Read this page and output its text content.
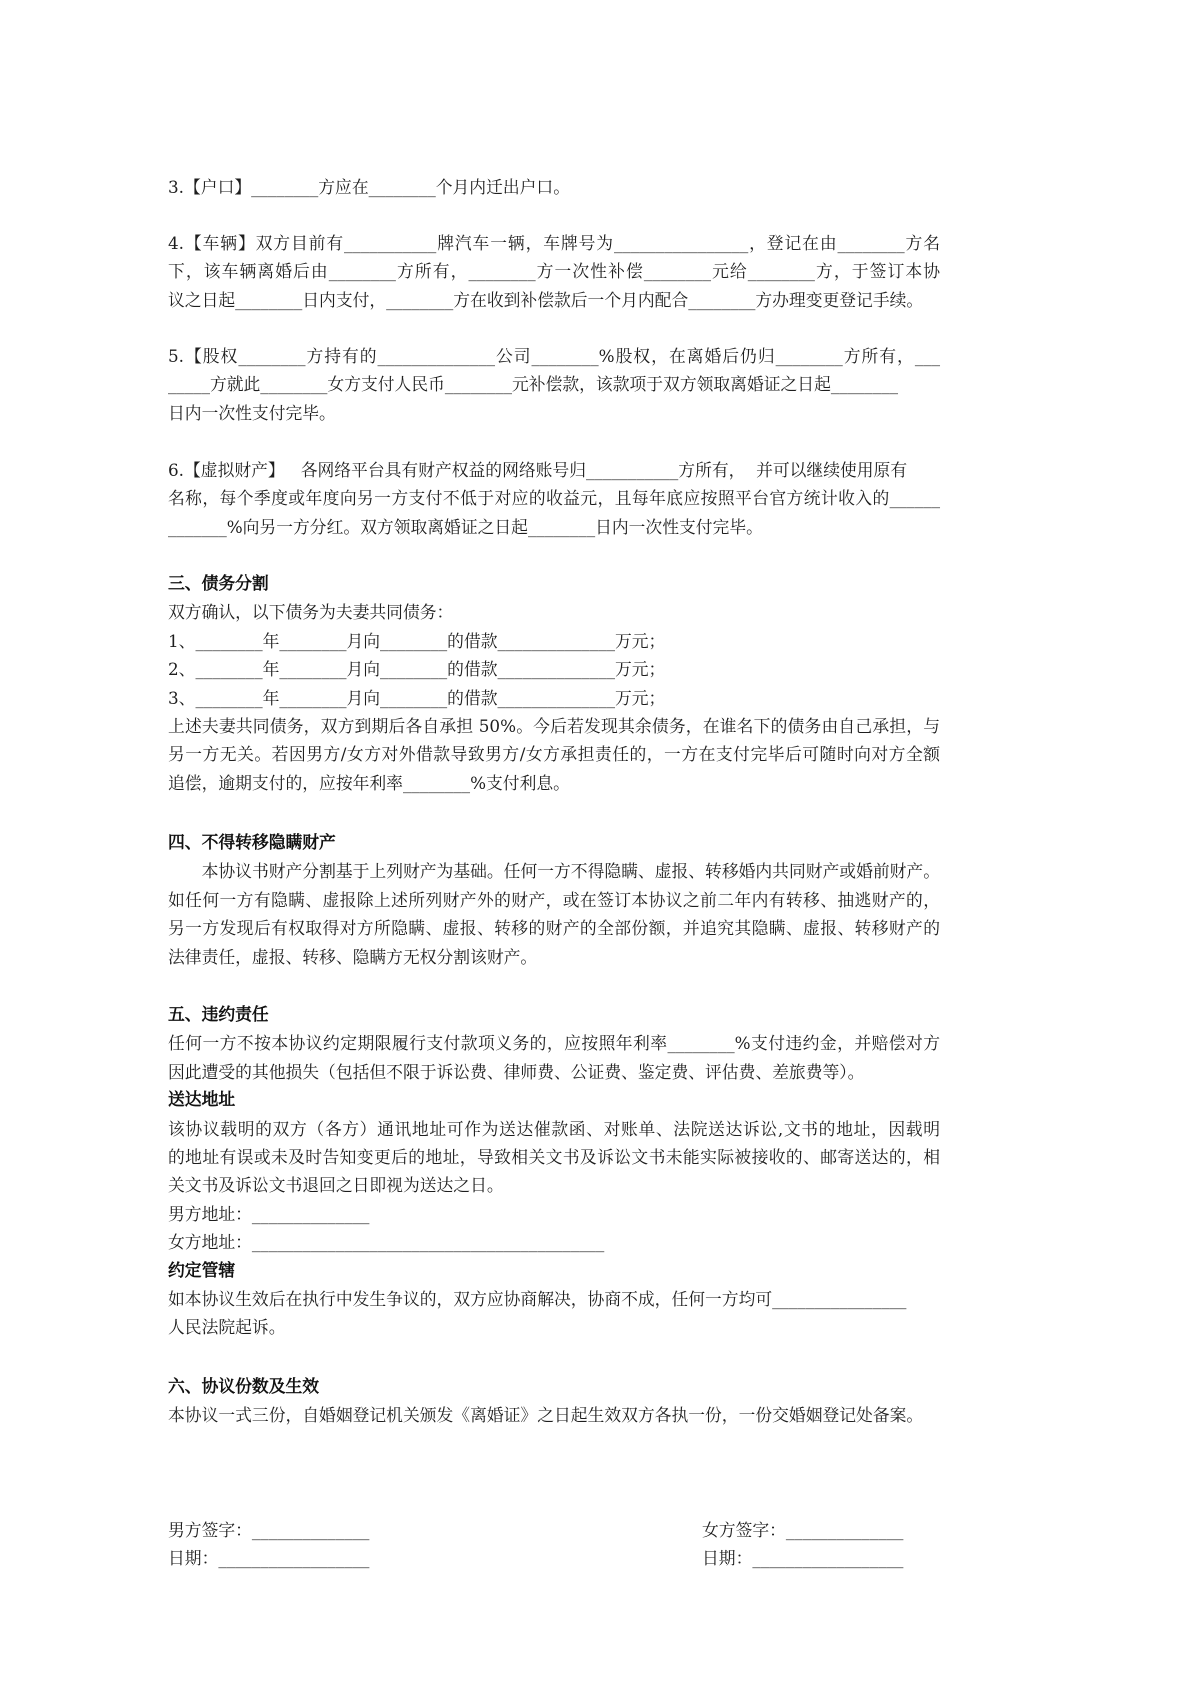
3.【户口】________方应在________个月内迁出户口。
4.【车辆】双方目前有___________牌汽车一辆，车牌号为________________，登记在由________方名
下，该车辆离婚后由________方所有，________方一次性补偿________元给________方，于签订本协
议之日起________日内支付，________方在收到补偿款后一个月内配合________方办理变更登记手续。
5.【股权________方持有的______________公司________%股权，在离婚后仍归________方所有，___
_____方就此________女方支付人民币________元补偿款，该款项于双方领取离婚证之日起________
日内一次性支付完毕。
6.【虚拟财产】   各网络平台具有财产权益的网络账号归___________方所有，  并可以继续使用原有
名称，每个季度或年度向另一方支付不低于对应的收益元，且每年底应按照平台官方统计收入的______
_______%向另一方分红。双方领取离婚证之日起________日内一次性支付完毕。
三、债务分割
双方确认，以下债务为夫妻共同债务：
1、________年________月向________的借款______________万元；
2、________年________月向________的借款______________万元；
3、________年________月向________的借款______________万元；
上述夫妻共同债务，双方到期后各自承担 50%。今后若发现其余债务，在谁名下的债务由自己承担，与
另一方无关。若因男方/女方对外借款导致男方/女方承担责任的，一方在支付完毕后可随时向对方全额
追偿，逾期支付的，应按年利率________%支付利息。
四、不得转移隐瞒财产
本协议书财产分割基于上列财产为基础。任何一方不得隐瞒、虚报、转移婚内共同财产或婚前财产。
如任何一方有隐瞒、虚报除上述所列财产外的财产，或在签订本协议之前二年内有转移、抽逃财产的，
另一方发现后有权取得对方所隐瞒、虚报、转移的财产的全部份额，并追究其隐瞒、虚报、转移财产的
法律责任，虚报、转移、隐瞒方无权分割该财产。
五、违约责任
任何一方不按本协议约定期限履行支付款项义务的，应按照年利率________%支付违约金，并赔偿对方
因此遭受的其他损失（包括但不限于诉讼费、律师费、公证费、鉴定费、评估费、差旅费等）。
送达地址
该协议载明的双方（各方）通讯地址可作为送达催款函、对账单、法院送达诉讼,文书的地址，因载明
的地址有误或未及时告知变更后的地址，导致相关文书及诉讼文书未能实际被接收的、邮寄送达的，相
关文书及诉讼文书退回之日即视为送达之日。
男方地址：______________
女方地址：__________________________________________
约定管辖
如本协议生效后在执行中发生争议的，双方应协商解决，协商不成，任何一方均可________________
人民法院起诉。
六、协议份数及生效
本协议一式三份，自婚姻登记机关颁发《离婚证》之日起生效双方各执一份，一份交婚姻登记处备案。
男方签字：______________
日期：__________________
女方签字：______________
日期：__________________
